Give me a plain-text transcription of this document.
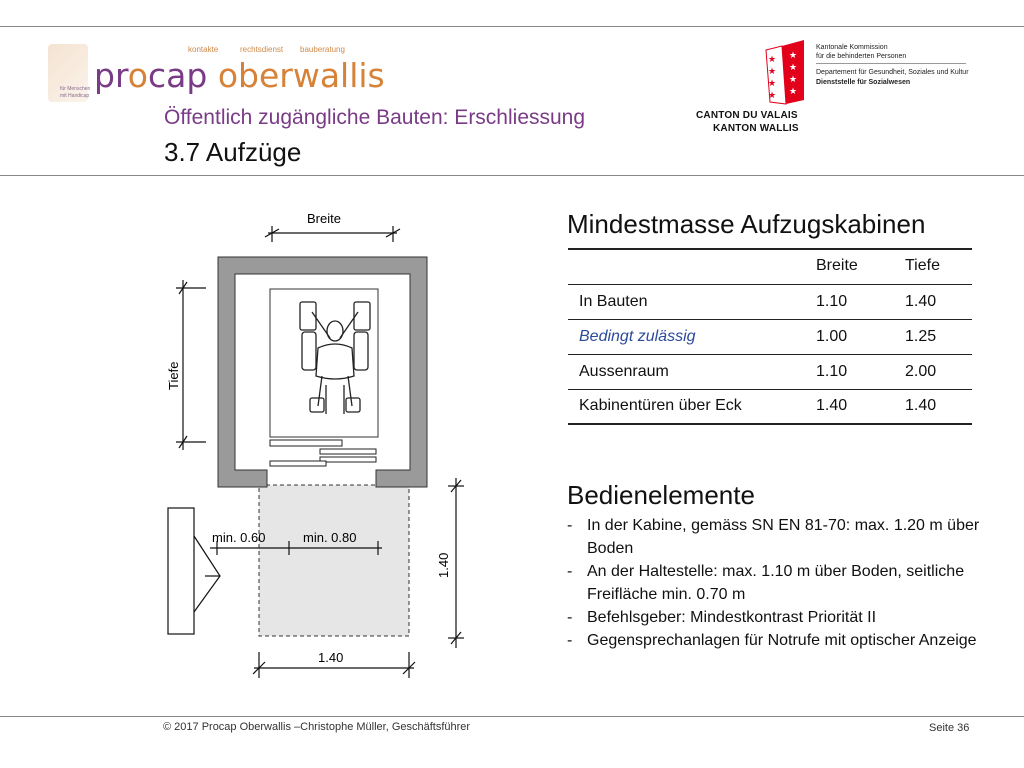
kontakte	rechtsdienst bauberatung
für Menschen
mit Handicap
procap oberwallis
Öffentlich zugängliche Bauten: Erschliessung
3.7 Aufzüge
★
★
★
★
★
★
★
★
CANTON DU VALAIS
KANTON WALLIS
Kantonale Kommission
für die behinderten Personen
Departement für Gesundheit, Soziales und Kultur
Dienststelle für Sozialwesen
Breite
Tiefe
min. 0.60	min. 0.80
1.40
1.40
Mindestmasse Aufzugskabinen
	Breite	Tiefe
In Bauten	1.10	1.40
Bedingt zulässig	1.00	1.25
Aussenraum	1.10	2.00
Kabinentüren über Eck	1.40	1.40
Bedienelemente
- In der Kabine, gemäss SN EN 81-70: max. 1.20 m über Boden
- An der Haltestelle: max. 1.10 m über Boden, seitliche Freifläche min. 0.70 m
- Befehlsgeber: Mindestkontrast Priorität II
- Gegensprechanlagen für Notrufe mit optischer Anzeige
© 2017 Procap Oberwallis –Christophe Müller, Geschäftsführer	Seite 36
